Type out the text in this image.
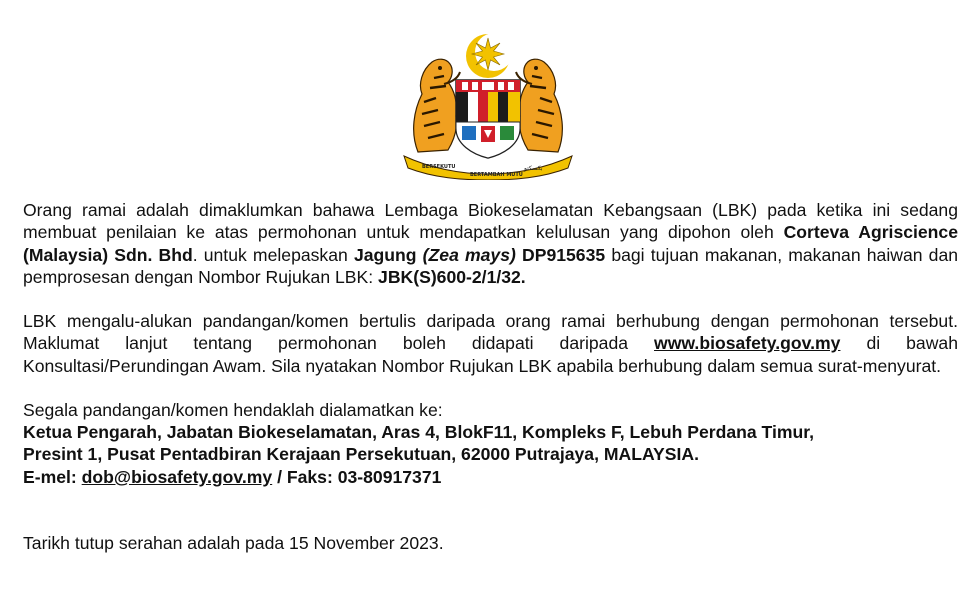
BERSEKUTU
BERTAMBAH MUTU
بكسكتو

Orang ramai adalah dimaklumkan bahawa Lembaga Biokeselamatan Kebangsaan (LBK) pada ketika ini sedang membuat penilaian ke atas permohonan untuk mendapatkan kelulusan yang dipohon oleh Corteva Agriscience (Malaysia) Sdn. Bhd. untuk melepaskan Jagung (Zea mays) DP915635 bagi tujuan makanan, makanan haiwan dan pemprosesan dengan Nombor Rujukan LBK: JBK(S)600-2/1/32.

LBK mengalu-alukan pandangan/komen bertulis daripada orang ramai berhubung dengan permohonan tersebut. Maklumat lanjut tentang permohonan boleh didapati daripada www.biosafety.gov.my di bawah Konsultasi/Perundingan Awam. Sila nyatakan Nombor Rujukan LBK apabila berhubung dalam semua surat-menyurat.

Segala pandangan/komen hendaklah dialamatkan ke:
Ketua Pengarah, Jabatan Biokeselamatan, Aras 4, BlokF11, Kompleks F, Lebuh Perdana Timur,
Presint 1, Pusat Pentadbiran Kerajaan Persekutuan, 62000 Putrajaya, MALAYSIA.
E-mel: dob@biosafety.gov.my / Faks: 03-80917371

Tarikh tutup serahan adalah pada 15 November 2023.
